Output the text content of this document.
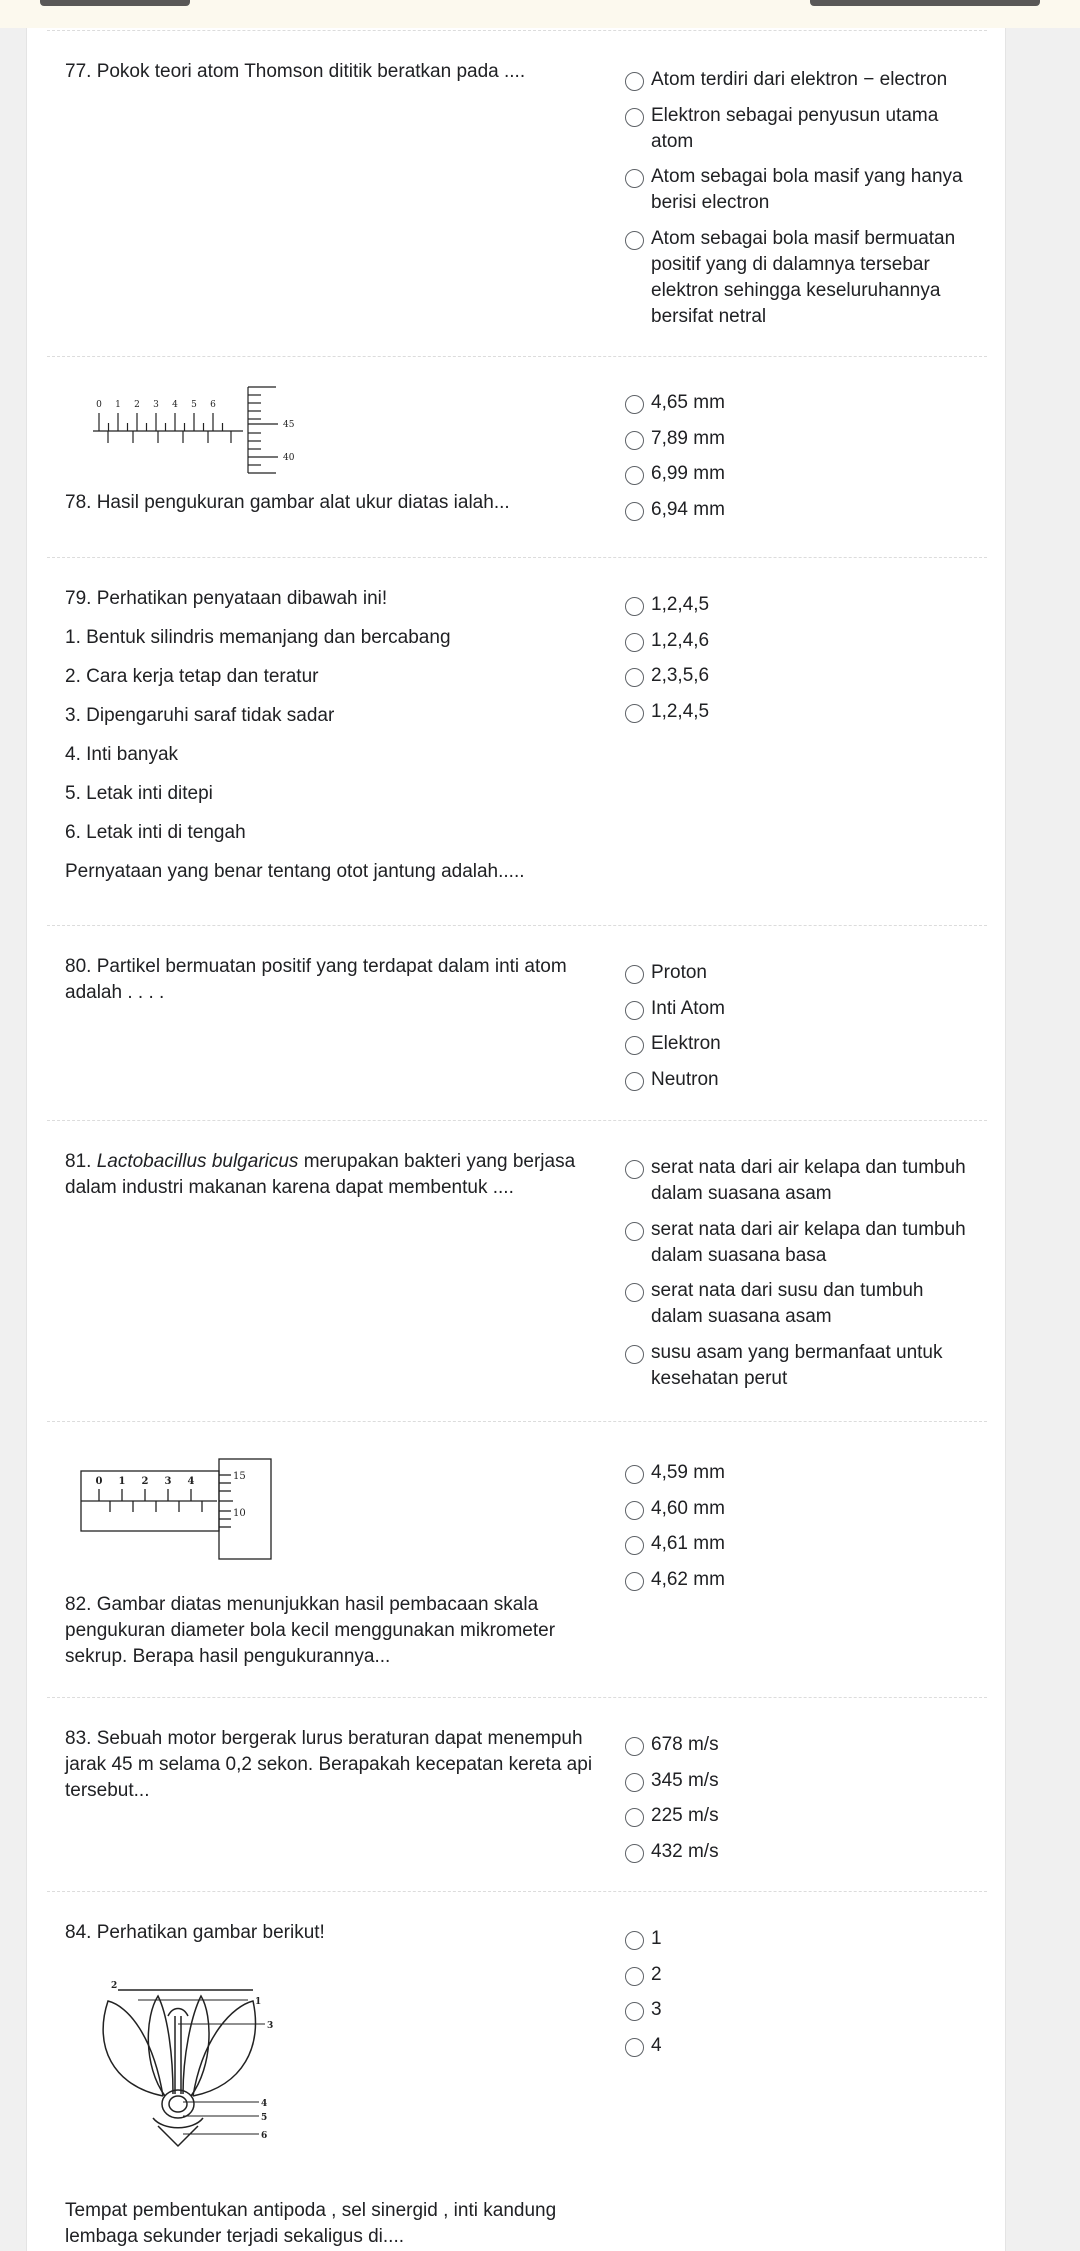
77. Pokok teori atom Thomson dititik beratkan pada ....	Atom terdiri dari elektron − electron
Elektron sebagai penyusun utama atom
Atom sebagai bola masif yang hanya berisi electron
Atom sebagai bola masif bermuatan positif yang di dalamnya tersebar elektron sehingga keseluruhannya bersifat netral
0 1 2 3 4 5 6
45
40
78. Hasil pengukuran gambar alat ukur diatas ialah...
4,65 mm
7,89 mm
6,99 mm
6,94 mm

79. Perhatikan penyataan dibawah ini!

1. Bentuk silindris memanjang dan bercabang

2. Cara kerja tetap dan teratur

3. Dipengaruhi saraf tidak sadar

4. Inti banyak

5. Letak inti ditepi

6. Letak inti di tengah

Pernyataan yang benar tentang otot jantung adalah.....

1,2,4,5
1,2,4,6
2,3,5,6
1,2,4,5
80. Partikel bermuatan positif yang terdapat dalam inti atom adalah . . . .
Proton
Inti Atom
Elektron
Neutron
81. Lactobacillus bulgaricus merupakan bakteri yang berjasa dalam industri makanan karena dapat membentuk ....
serat nata dari air kelapa dan tumbuh dalam suasana asam
serat nata dari air kelapa dan tumbuh dalam suasana basa
serat nata dari susu dan tumbuh dalam suasana asam
susu asam yang bermanfaat untuk kesehatan perut
0 1 2 3 4	15
10
82. Gambar diatas menunjukkan hasil pembacaan skala pengukuran diameter bola kecil menggunakan mikrometer sekrup. Berapa hasil pengukurannya...
4,59 mm
4,60 mm
4,61 mm
4,62 mm
83. Sebuah motor bergerak lurus beraturan dapat menempuh jarak 45 m selama 0,2 sekon. Berapakah kecepatan kereta api tersebut...
678 m/s
345 m/s
225 m/s
432 m/s
84. Perhatikan gambar berikut!
2
1
3
4
5
6
Tempat pembentukan antipoda , sel sinergid , inti kandung lembaga sekunder terjadi sekaligus di....
1
2
3
4
